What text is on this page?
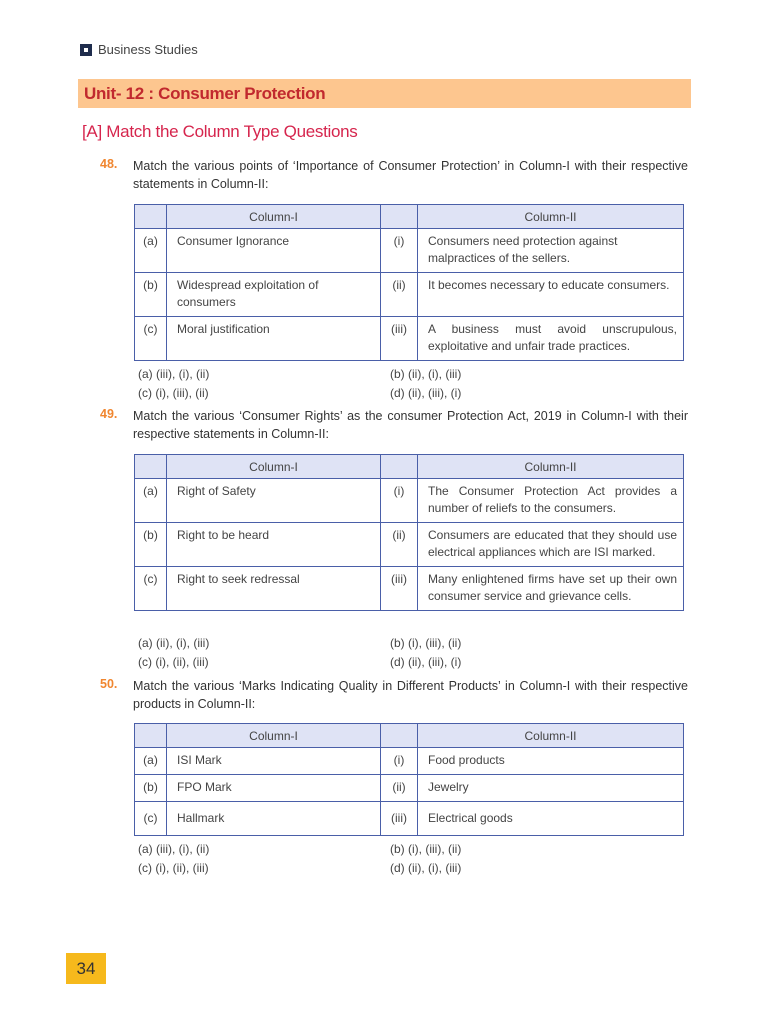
Business Studies
Unit- 12 : Consumer Protection
[A] Match the Column Type Questions
48. Match the various points of ‘Importance of Consumer Protection’ in Column-I with their respective statements in Column-II:
	Column-I		Column-II
(a)	Consumer Ignorance	(i)	Consumers need protection against malpractices of the sellers.
(b)	Widespread exploitation of consumers	(ii)	It becomes necessary to educate consumers.
(c)	Moral justification	(iii)	A business must avoid unscrupulous, exploitative and unfair trade practices.
(a) (iii), (i), (ii)	(b) (ii), (i), (iii)
(c) (i), (iii), (ii)	(d) (ii), (iii), (i)
49. Match the various ‘Consumer Rights’ as the consumer Protection Act, 2019 in Column-I with their respective statements in Column-II:
	Column-I		Column-II
(a)	Right of Safety	(i)	The Consumer Protection Act provides a number of reliefs to the consumers.
(b)	Right to be heard	(ii)	Consumers are educated that they should use electrical appliances which are ISI marked.
(c)	Right to seek redressal	(iii)	Many enlightened firms have set up their own consumer service and grievance cells.
(a) (ii), (i), (iii)	(b) (i), (iii), (ii)
(c) (i), (ii), (iii)	(d) (ii), (iii), (i)
50. Match the various ‘Marks Indicating Quality in Different Products’ in Column-I with their respective products in Column-II:
	Column-I		Column-II
(a)	ISI Mark	(i)	Food products
(b)	FPO Mark	(ii)	Jewelry
(c)	Hallmark	(iii)	Electrical goods
(a) (iii), (i), (ii)	(b) (i), (iii), (ii)
(c) (i), (ii), (iii)	(d) (ii), (i), (iii)
34
